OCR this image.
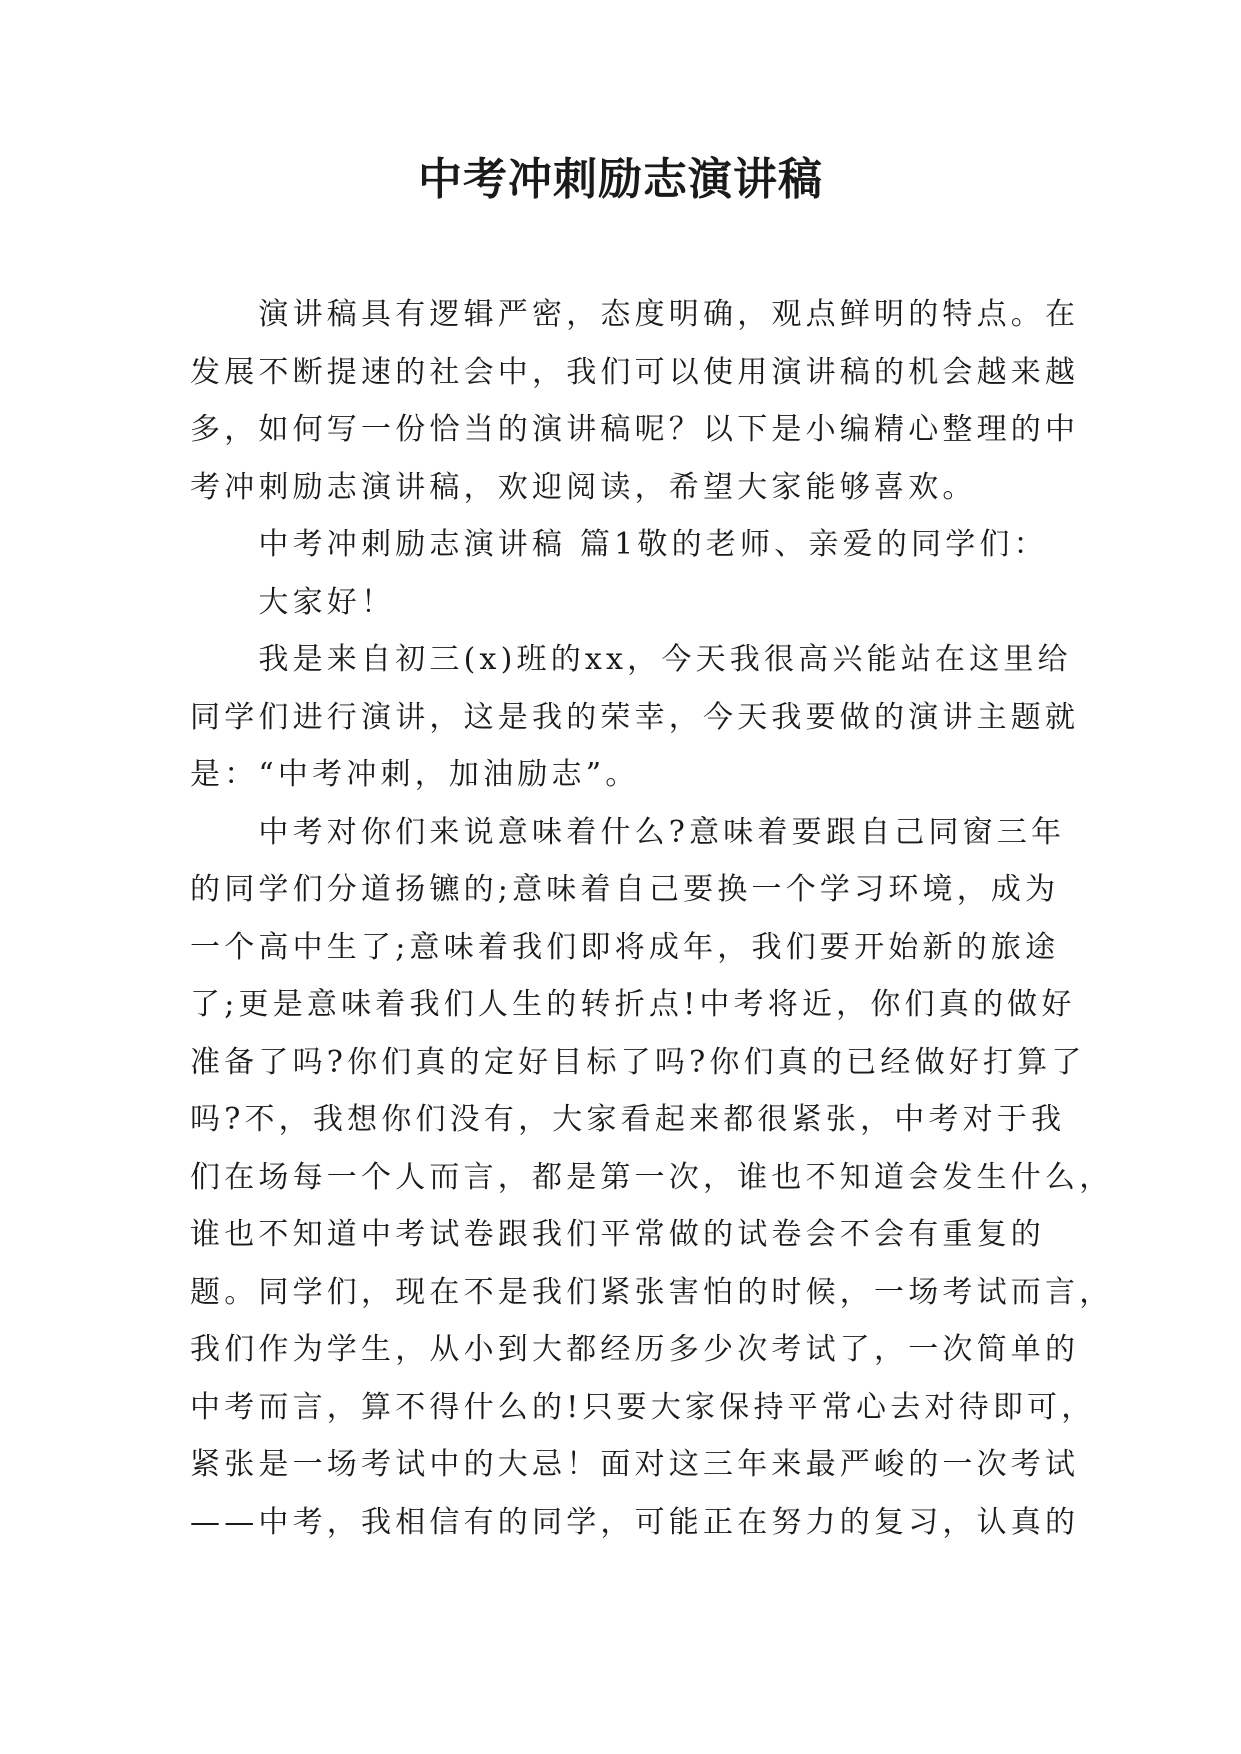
中考冲刺励志演讲稿
　　演讲稿具有逻辑严密，态度明确，观点鲜明的特点。在
发展不断提速的社会中，我们可以使用演讲稿的机会越来越
多，如何写一份恰当的演讲稿呢？以下是小编精心整理的中
考冲刺励志演讲稿，欢迎阅读，希望大家能够喜欢。
　　中考冲刺励志演讲稿 篇1敬的老师、亲爱的同学们：
　　大家好！
　　我是来自初三(x)班的xx，今天我很高兴能站在这里给
同学们进行演讲，这是我的荣幸，今天我要做的演讲主题就
是：“中考冲刺，加油励志”。
　　中考对你们来说意味着什么?意味着要跟自己同窗三年
的同学们分道扬镳的;意味着自己要换一个学习环境，成为
一个高中生了;意味着我们即将成年，我们要开始新的旅途
了;更是意味着我们人生的转折点!中考将近，你们真的做好
准备了吗?你们真的定好目标了吗?你们真的已经做好打算了
吗?不，我想你们没有，大家看起来都很紧张，中考对于我
们在场每一个人而言，都是第一次，谁也不知道会发生什么，
谁也不知道中考试卷跟我们平常做的试卷会不会有重复的
题。同学们，现在不是我们紧张害怕的时候，一场考试而言，
我们作为学生，从小到大都经历多少次考试了，一次简单的
中考而言，算不得什么的!只要大家保持平常心去对待即可，
紧张是一场考试中的大忌！面对这三年来最严峻的一次考试
——中考，我相信有的同学，可能正在努力的复习，认真的
